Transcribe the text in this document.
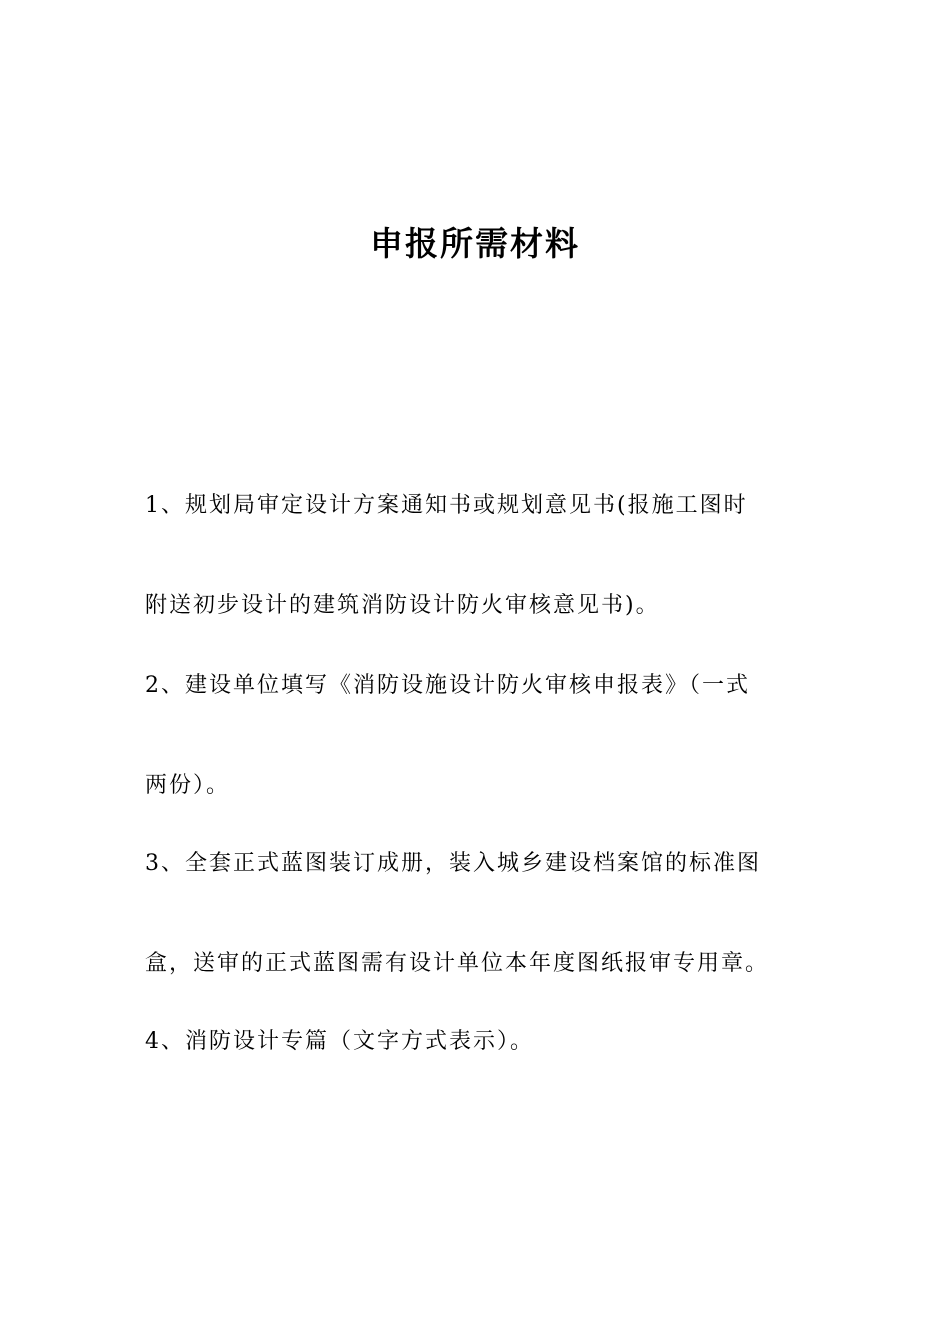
申报所需材料

1、规划局审定设计方案通知书或规划意见书(报施工图时

附送初步设计的建筑消防设计防火审核意见书)。

2、建设单位填写《消防设施设计防火审核申报表》（一式

两份）。

3、全套正式蓝图装订成册，装入城乡建设档案馆的标准图

盒，送审的正式蓝图需有设计单位本年度图纸报审专用章。

4、消防设计专篇（文字方式表示）。
